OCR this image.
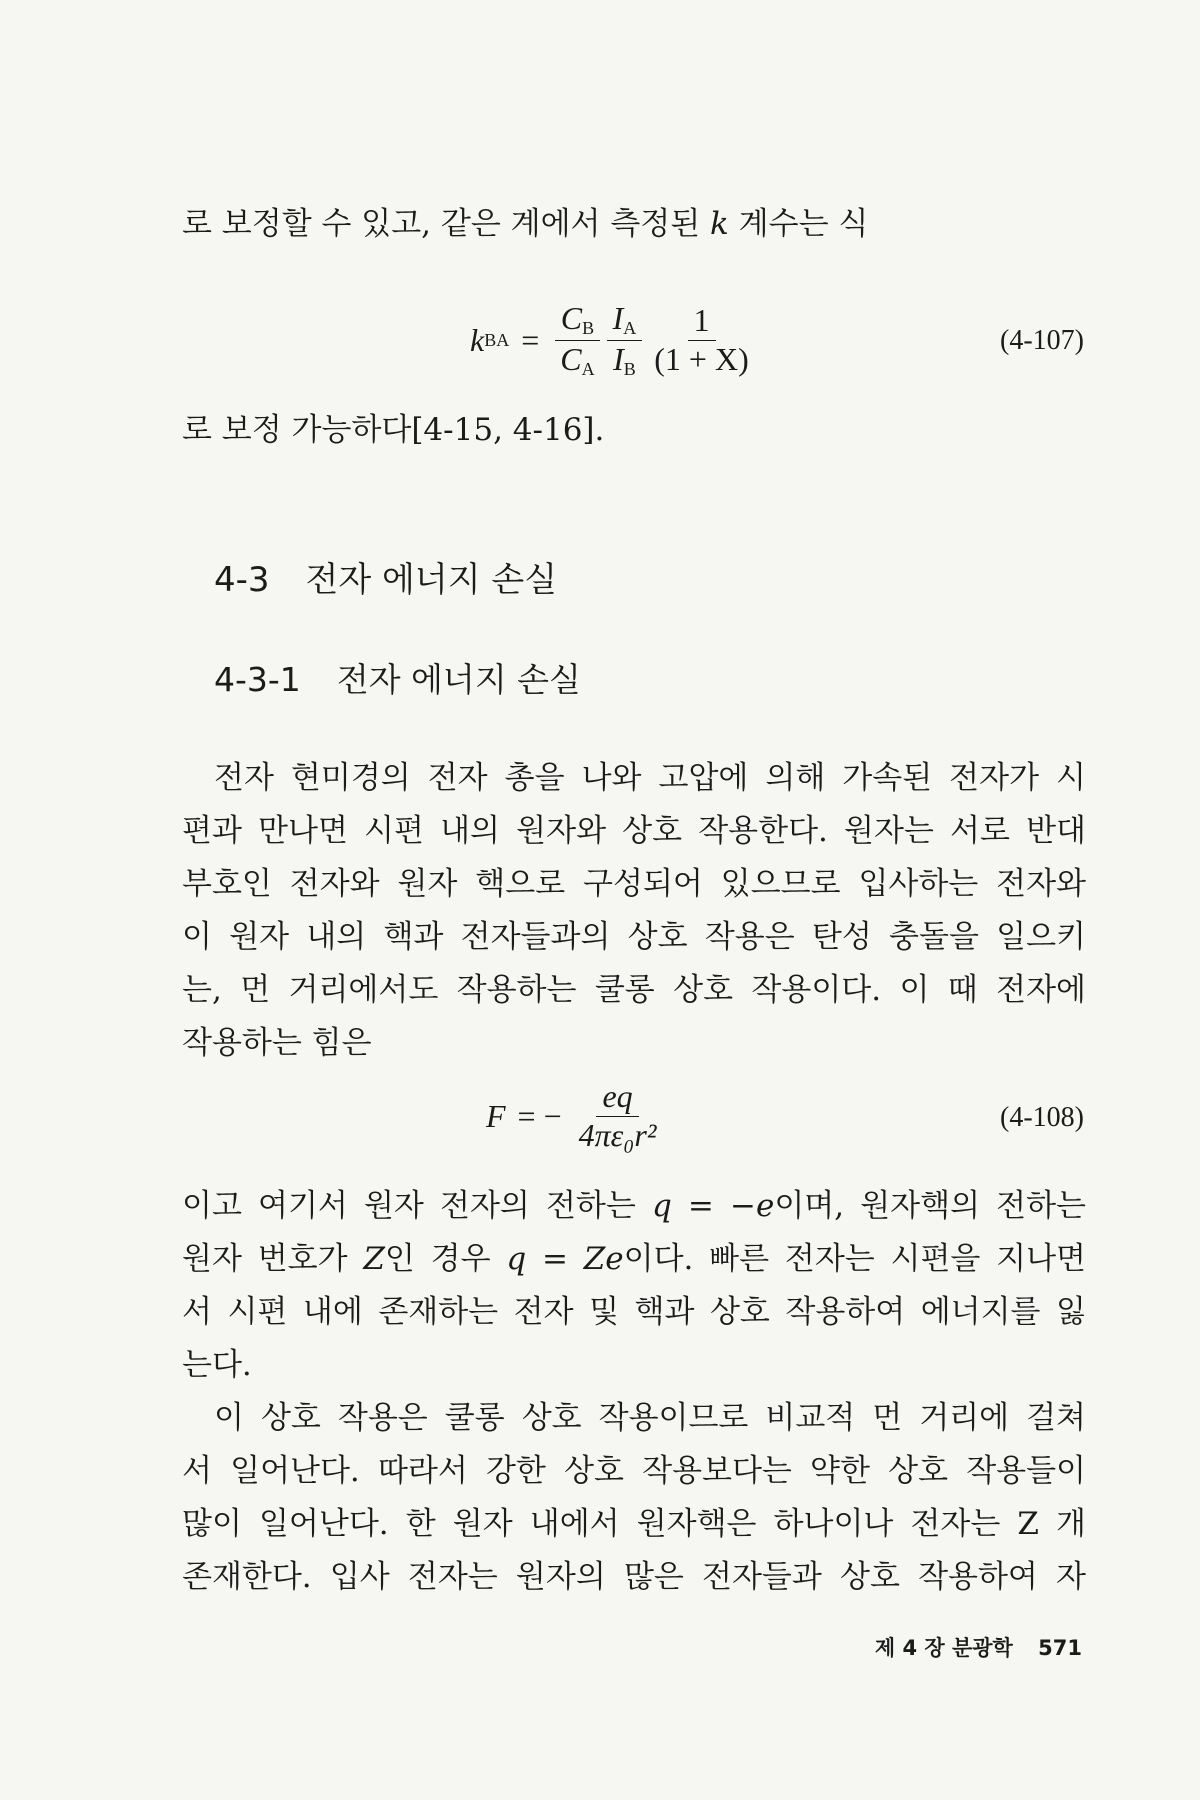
로 보정할 수 있고, 같은 계에서 측정된 k 계수는 식

k BA = $\frac{C_B}{C_A} \frac{I_A}{I_B} \frac{1}{(1 + X)}$	(4-107)

로 보정 가능하다[4-15, 4-16].

4-3 전자 에너지 손실
4-3-1 전자 에너지 손실
전자 현미경의 전자 총을 나와 고압에 의해 가속된 전자가 시
편과 만나면 시편 내의 원자와 상호 작용한다. 원자는 서로 반대
부호인 전자와 원자 핵으로 구성되어 있으므로 입사하는 전자와
이 원자 내의 핵과 전자들과의 상호 작용은 탄성 충돌을 일으키
는, 먼 거리에서도 작용하는 쿨롱 상호 작용이다. 이 때 전자에
작용하는 힘은
F = − $\frac{eq}{\text{4πε₀r²}}$	(4-108)
이고 여기서 원자 전자의 전하는 q = −e이며, 원자핵의 전하는
원자 번호가 Z인 경우 q = Ze이다. 빠른 전자는 시편을 지나면
서 시편 내에 존재하는 전자 및 핵과 상호 작용하여 에너지를 잃
는다.
이 상호 작용은 쿨롱 상호 작용이므로 비교적 먼 거리에 걸쳐
서 일어난다. 따라서 강한 상호 작용보다는 약한 상호 작용들이
많이 일어난다. 한 원자 내에서 원자핵은 하나이나 전자는 Z 개
존재한다. 입사 전자는 원자의 많은 전자들과 상호 작용하여 자
제 4 장 분광학 571
